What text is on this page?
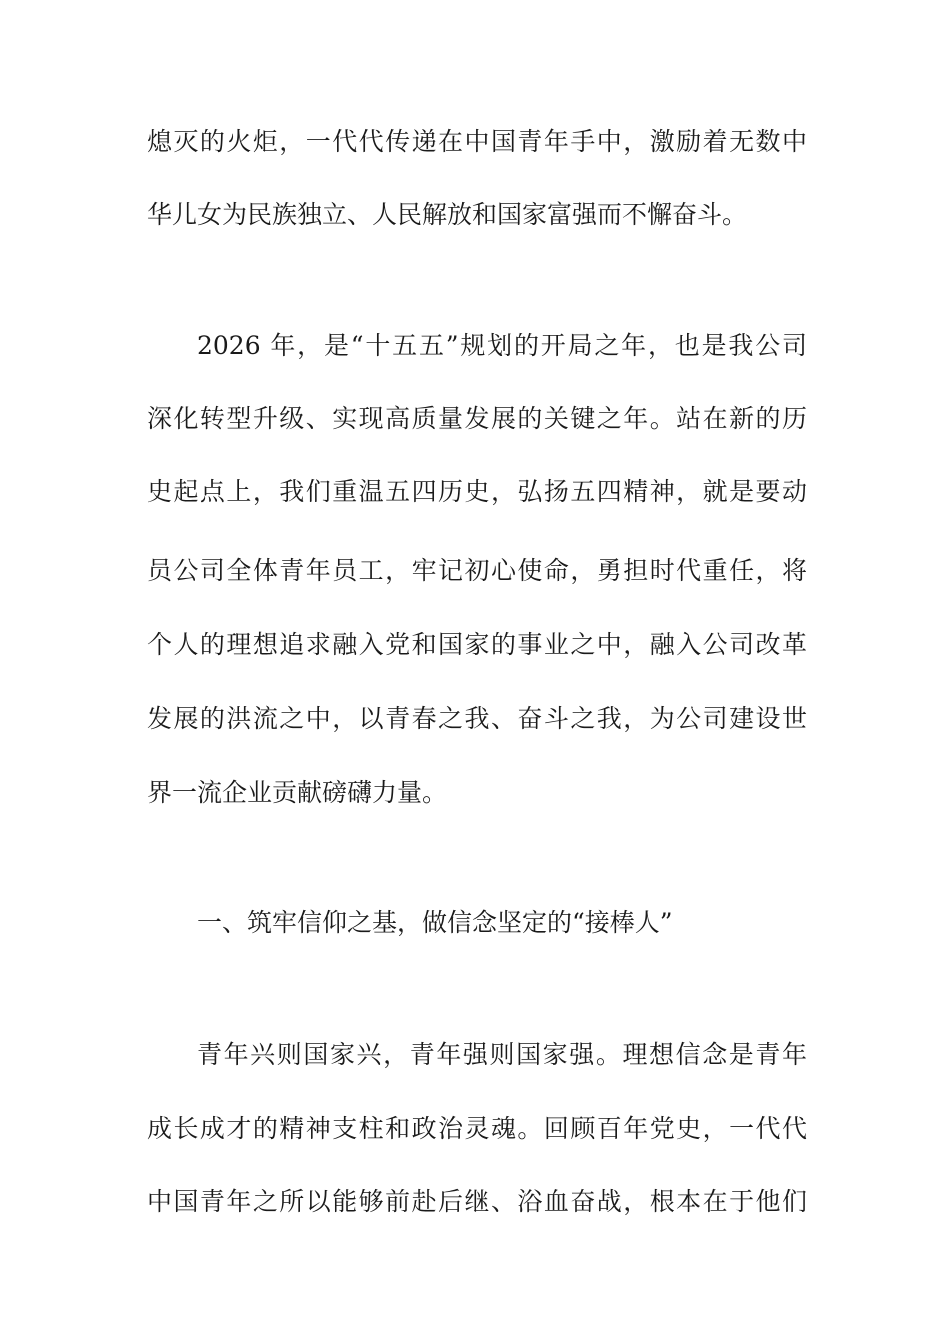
熄灭的火炬，一代代传递在中国青年手中，激励着无数中
华儿女为民族独立、人民解放和国家富强而不懈奋斗。
2026 年，是“十五五”规划的开局之年，也是我公司
深化转型升级、实现高质量发展的关键之年。站在新的历
史起点上，我们重温五四历史，弘扬五四精神，就是要动
员公司全体青年员工，牢记初心使命，勇担时代重任，将
个人的理想追求融入党和国家的事业之中，融入公司改革
发展的洪流之中，以青春之我、奋斗之我，为公司建设世
界一流企业贡献磅礴力量。
一、筑牢信仰之基，做信念坚定的“接棒人”
青年兴则国家兴，青年强则国家强。理想信念是青年
成长成才的精神支柱和政治灵魂。回顾百年党史，一代代
中国青年之所以能够前赴后继、浴血奋战，根本在于他们
